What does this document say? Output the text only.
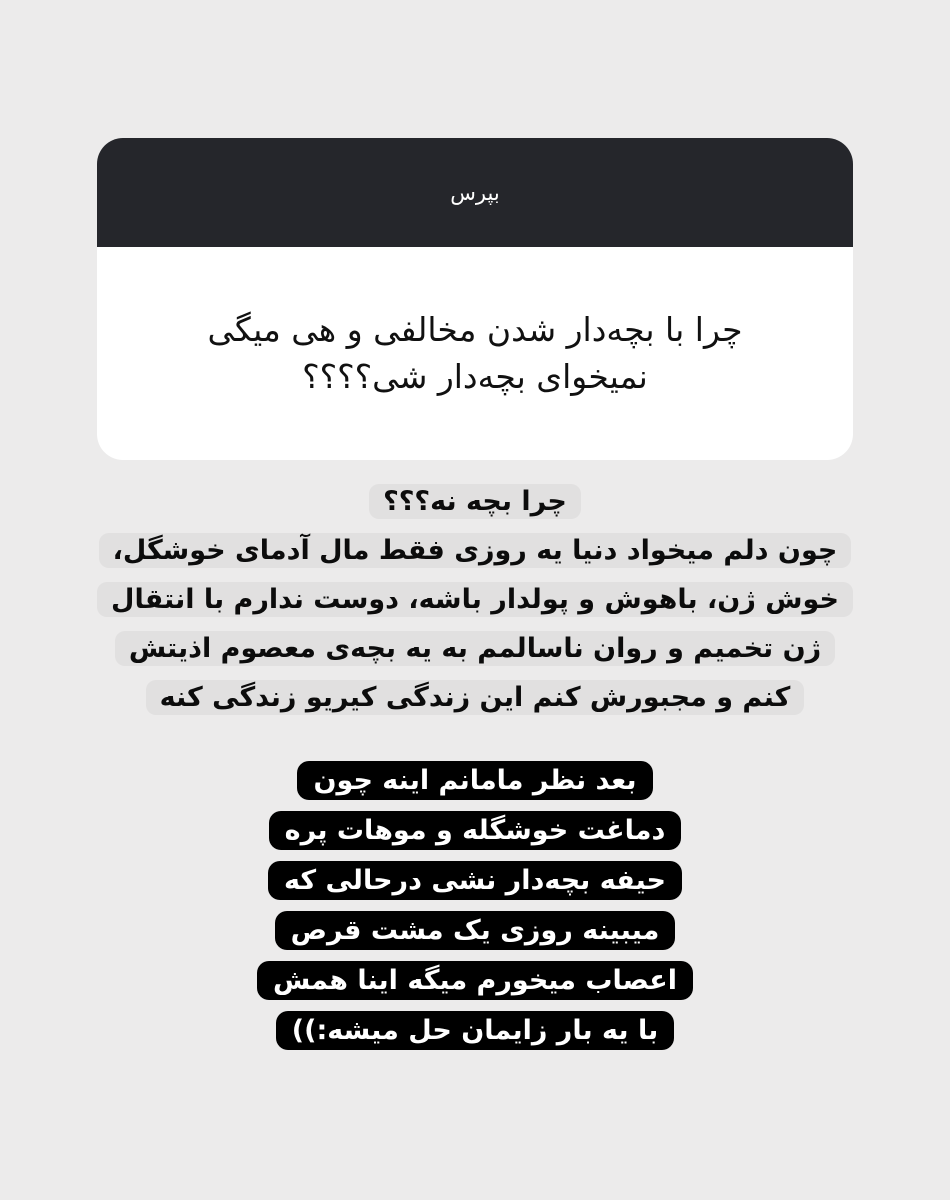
بپرس
چرا با بچه‌دار شدن مخالفی و هی میگی
نمیخوای بچه‌دار شی؟؟؟؟
چرا بچه نه؟؟؟
چون دلم میخواد دنیا یه روزی فقط مال آدمای خوشگل،
خوش ژن، باهوش و پولدار باشه، دوست ندارم با انتقال
ژن تخمیم و روان ناسالمم به یه بچه‌ی معصوم اذیتش
کنم و مجبورش کنم این زندگی کیریو زندگی کنه
بعد نظر مامانم اینه چون
دماغت خوشگله و موهات پره
حیفه بچه‌دار نشی درحالی که
میبینه روزی یک مشت قرص
اعصاب میخورم میگه اینا همش
با یه بار زایمان حل میشه:))
